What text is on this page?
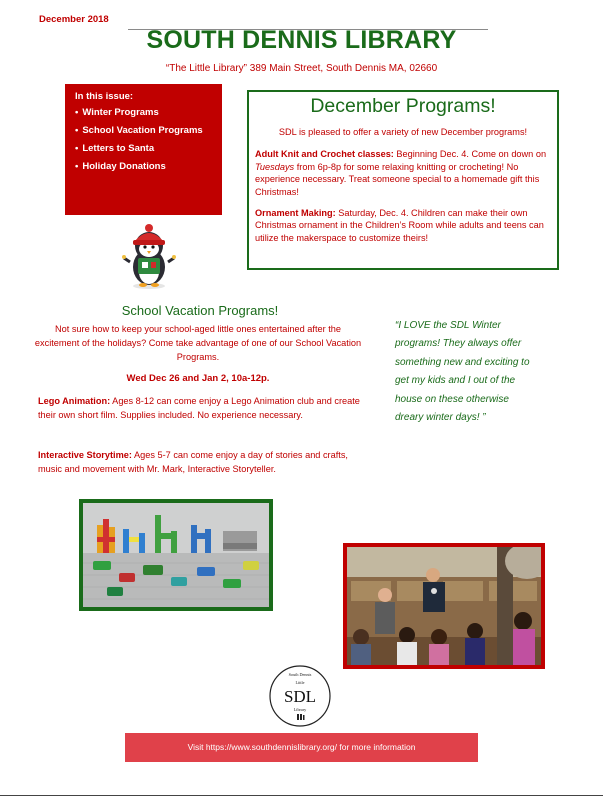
December 2018
SOUTH DENNIS LIBRARY
“The Little Library” 389 Main Street, South Dennis MA, 02660
In this issue:
• Winter Programs
• School Vacation Programs
• Letters to Santa
• Holiday Donations
December Programs!
SDL is pleased to offer a variety of new December programs!
Adult Knit and Crochet classes: Beginning Dec. 4. Come on down on Tuesdays from 6p-8p for some relaxing knitting or crocheting! No experience necessary. Treat someone special to a homemade gift this Christmas!
Ornament Making: Saturday, Dec. 4. Children can make their own Christmas ornament in the Children’s Room while adults and teens can utilize the makerspace to customize theirs!
School Vacation Programs!
Not sure how to keep your school-aged little ones entertained after the excitement of the holidays? Come take advantage of one of our School Vacation Programs.
Wed Dec 26 and Jan 2, 10a-12p.
Lego Animation: Ages 8-12 can come enjoy a Lego Animation club and create their own short film. Supplies included. No experience necessary.
Interactive Storytime: Ages 5-7 can come enjoy a day of stories and crafts, music and movement with Mr. Mark, Interactive Storyteller.
“I LOVE the SDL Winter programs! They always offer something new and exciting to get my kids and I out of the house on these otherwise dreary winter days! ”
South Dennis
Little
SDL
Library
Visit https://www.southdennislibrary.org/ for more information
